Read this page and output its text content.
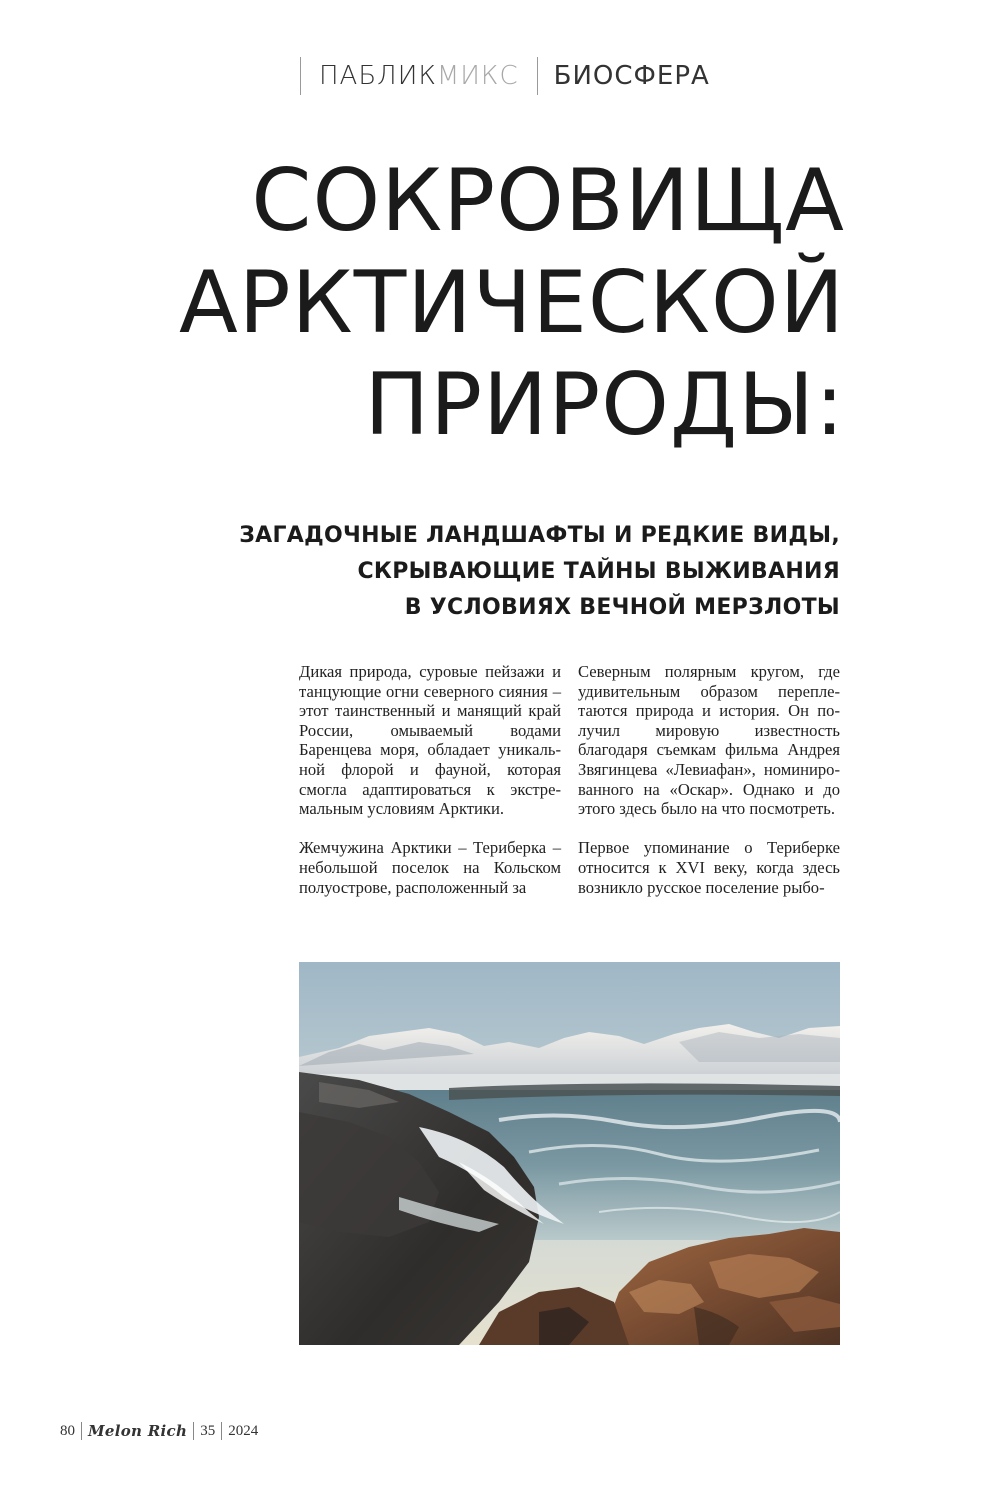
ПАБЛИКМИКС	БИОСФЕРА
СОКРОВИЩА
АРКТИЧЕСКОЙ
ПРИРОДЫ:
ЗАГАДОЧНЫЕ ЛАНДШАФТЫ И РЕДКИЕ ВИДЫ,
СКРЫВАЮЩИЕ ТАЙНЫ ВЫЖИВАНИЯ
В УСЛОВИЯХ ВЕЧНОЙ МЕРЗЛОТЫ

Дикая природа, суровые пейзажи и танцующие огни северного сияния – этот таинственный и манящий край России, омываемый водами Баренцева моря, обладает уникальной флорой и фауной, которая смогла адаптироваться к экстремальным условиям Арктики.

Жемчужина Арктики – Териберка – небольшой поселок на Кольском полуострове, расположенный за

Северным полярным кругом, где удивительным образом переплетаются природа и история. Он получил мировую известность благодаря съемкам фильма Андрея Звягинцева «Левиафан», номинированного на «Оскар». Однако и до этого здесь было на что посмотреть.

Первое упоминание о Териберке относится к XVI веку, когда здесь возникло русское поселение рыбо-

80 Melon Rich 35 2024
